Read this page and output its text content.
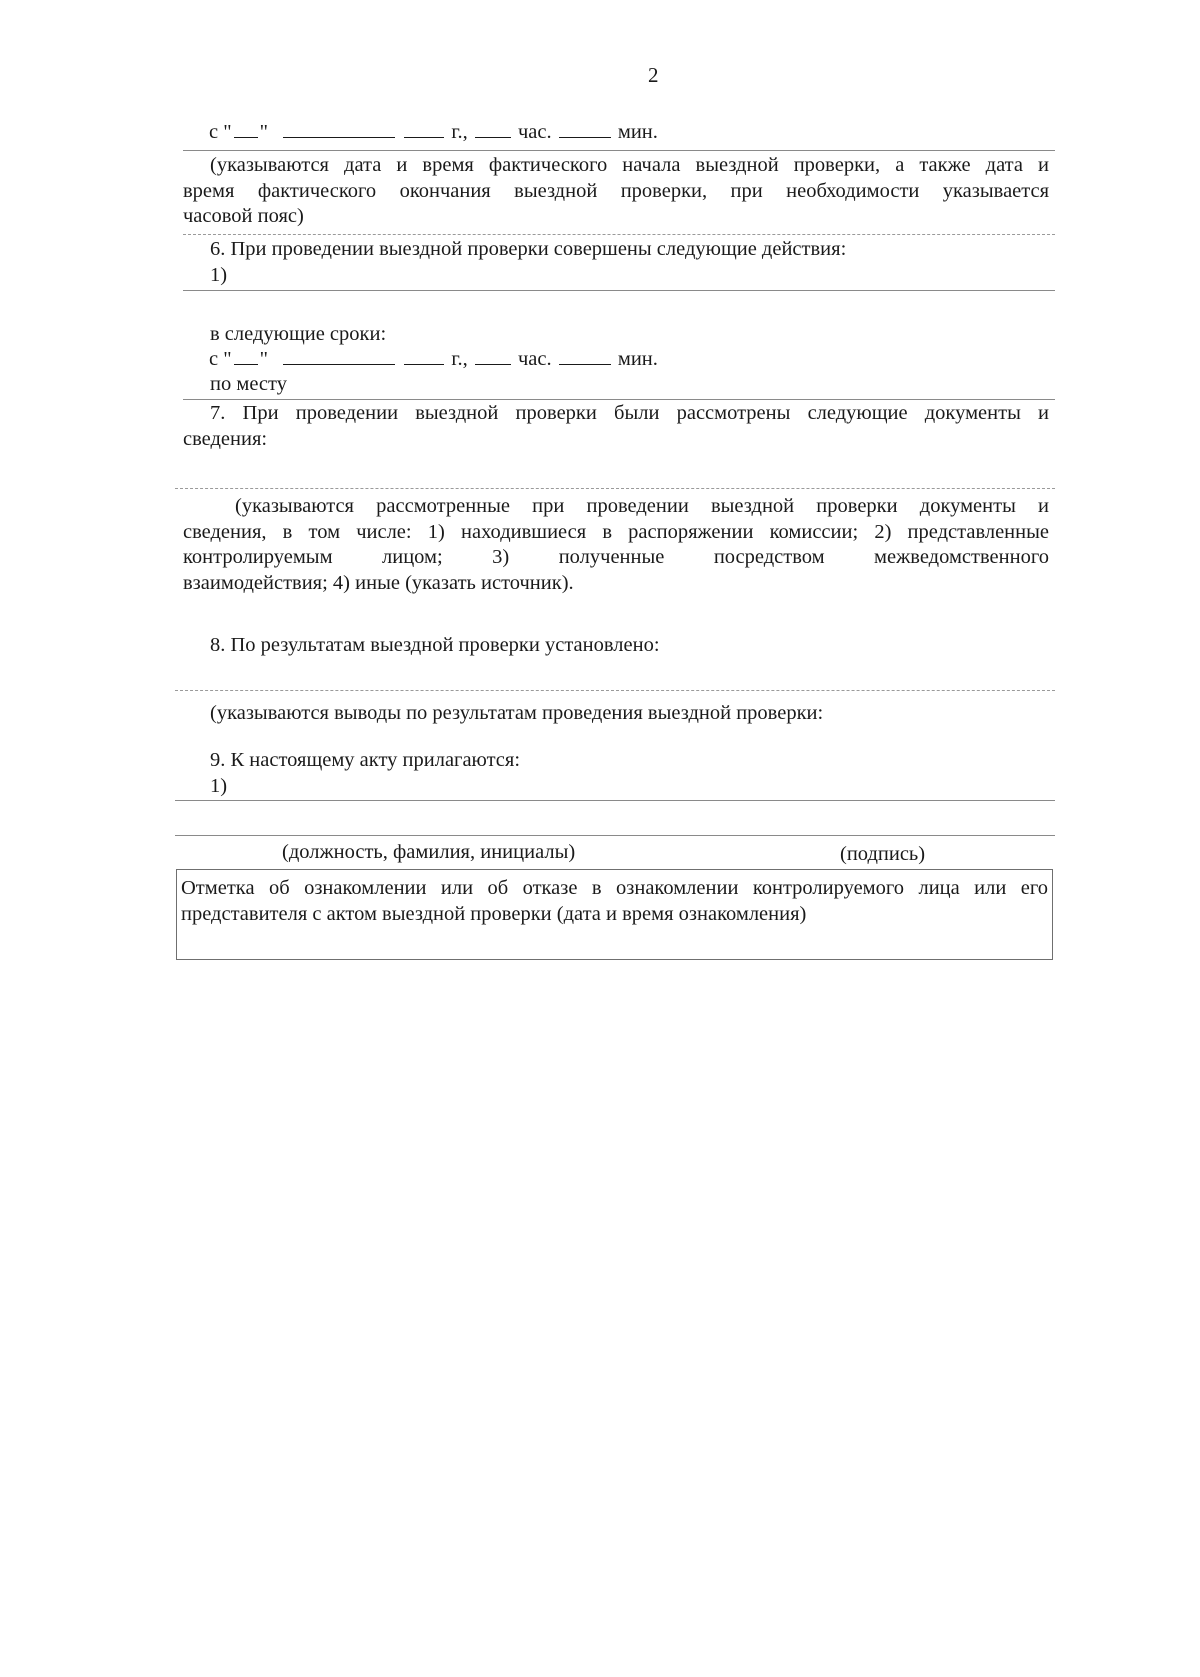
2
с " "	г., час.	мин.
(указываются дата и время фактического начала выездной проверки, а также дата и
время фактического окончания выездной проверки, при необходимости указывается
часовой пояс)
6. При проведении выездной проверки совершены следующие действия:
1)
в следующие сроки:
с " "	г., час.	мин.
по месту
7. При проведении выездной проверки были рассмотрены следующие документы и
сведения:
(указываются рассмотренные при проведении выездной проверки документы и
сведения, в том числе: 1) находившиеся в распоряжении комиссии; 2) представленные
контролируемым лицом; 3) полученные посредством межведомственного
взаимодействия; 4) иные (указать источник).
8. По результатам выездной проверки установлено:
(указываются выводы по результатам проведения выездной проверки:
9. К настоящему акту прилагаются:
1)
(должность, фамилия, инициалы)	(подпись)
Отметка об ознакомлении или об отказе в ознакомлении контролируемого лица или его
представителя с актом выездной проверки (дата и время ознакомления)
